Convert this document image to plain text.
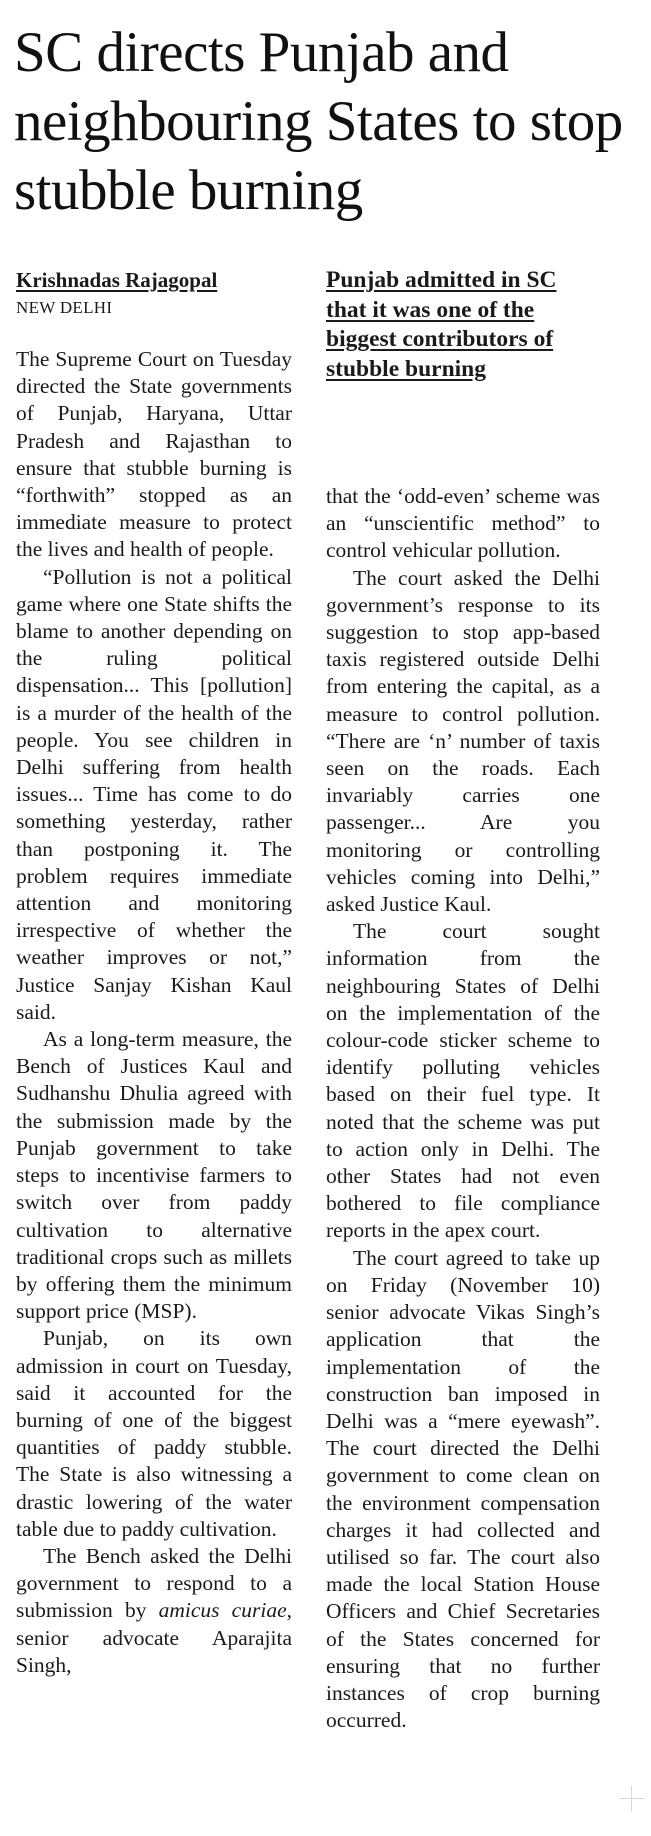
SC directs Punjab and neighbouring States to stop stubble burning

Krishnadas Rajagopal

NEW DELHI

Punjab admitted in SC that it was one of the biggest contributors of stubble burning

The Supreme Court on Tuesday directed the State governments of Punjab, Haryana, Uttar Pradesh and Rajasthan to ensure that stubble burning is “forthwith” stopped as an immediate measure to protect the lives and health of people.

“Pollution is not a political game where one State shifts the blame to another depending on the ruling political dispensation... This [pollution] is a murder of the health of the people. You see children in Delhi suffering from health issues... Time has come to do something yesterday, rather than postponing it. The problem requires immediate attention and monitoring irrespective of whether the weather improves or not,” Justice Sanjay Kishan Kaul said.

As a long-term measure, the Bench of Justices Kaul and Sudhanshu Dhulia agreed with the submission made by the Punjab government to take steps to incentivise farmers to switch over from paddy cultivation to alternative traditional crops such as millets by offering them the minimum support price (MSP).

Punjab, on its own admission in court on Tuesday, said it accounted for the burning of one of the biggest quantities of paddy stubble. The State is also witnessing a drastic lowering of the water table due to paddy cultivation.

The Bench asked the Delhi government to respond to a submission by amicus curiae, senior advocate Aparajita Singh,

that the ‘odd-even’ scheme was an “unscientific method” to control vehicular pollution.

The court asked the Delhi government’s response to its suggestion to stop app-based taxis registered outside Delhi from entering the capital, as a measure to control pollution. “There are ‘n’ number of taxis seen on the roads. Each invariably carries one passenger... Are you monitoring or controlling vehicles coming into Delhi,” asked Justice Kaul.

The court sought information from the neighbouring States of Delhi on the implementation of the colour-code sticker scheme to identify polluting vehicles based on their fuel type. It noted that the scheme was put to action only in Delhi. The other States had not even bothered to file compliance reports in the apex court.

The court agreed to take up on Friday (November 10) senior advocate Vikas Singh’s application that the implementation of the construction ban imposed in Delhi was a “mere eyewash”. The court directed the Delhi government to come clean on the environment compensation charges it had collected and utilised so far. The court also made the local Station House Officers and Chief Secretaries of the States concerned for ensuring that no further instances of crop burning occurred.
